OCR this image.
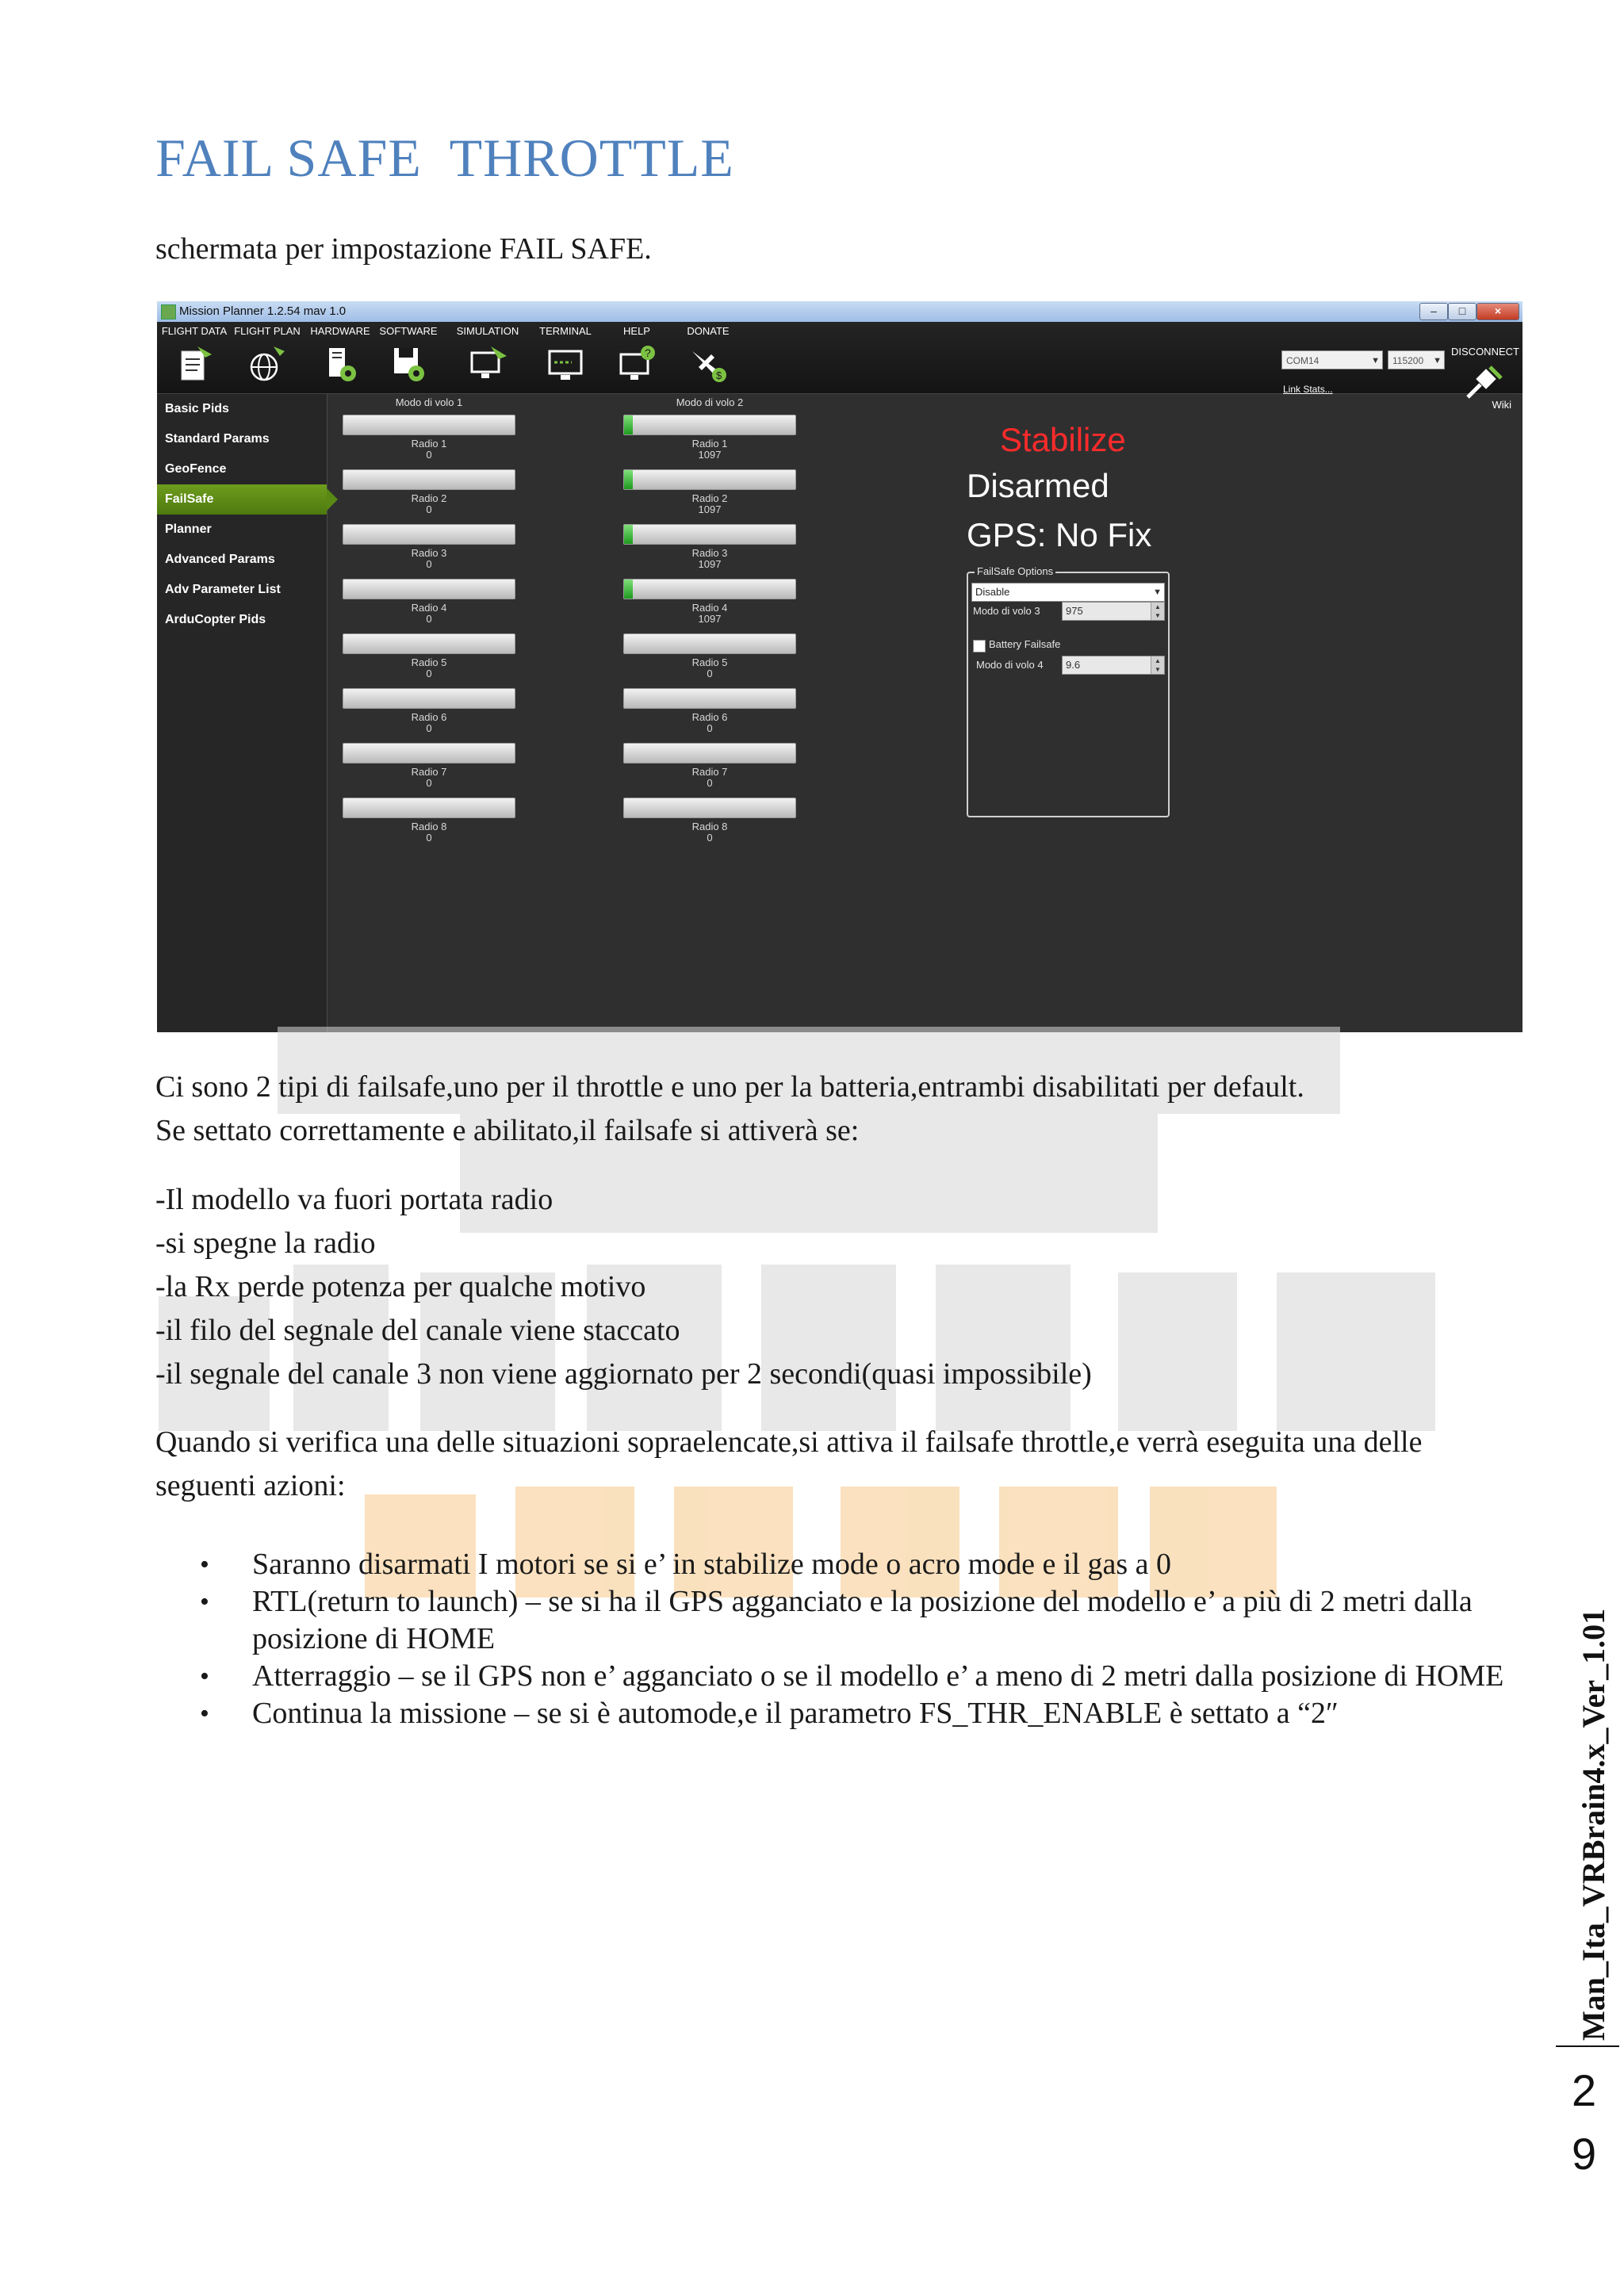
FAIL SAFE  THROTTLE
schermata per impostazione FAIL SAFE.
Mission Planner 1.2.54 mav 1.0	–	□	×
FLIGHT DATA FLIGHT PLAN HARDWARE SOFTWARE	SIMULATION	TERMINAL	HELP
?
DONATE
$
COM14	▼	115200 ▼
Link Stats...
DISCONNECT
Basic Pids
Standard Params
GeoFence
FailSafe
Planner
Advanced Params
Adv Parameter List
ArduCopter Pids
Wiki
Modo di volo 1
Radio 1
0
Radio 2
0
Radio 3
0
Radio 4
0
Radio 5
0
Radio 6
0
Radio 7
0
Radio 8
0
Modo di volo 2
Radio 1
1097
Radio 2
1097
Radio 3
1097
Radio 4
1097
Radio 5
0
Radio 6
0
Radio 7
0
Radio 8
0
Stabilize
Disarmed
GPS: No Fix
FailSafe Options
Disable	▼
Modo di volo 3	975	▲
▼
Battery Failsafe
Modo di volo 4	9.6	▲
▼

Ci sono 2 tipi di failsafe,uno per il throttle e uno per la batteria,entrambi disabilitati per default.
Se settato correttamente e abilitato,il failsafe si attiverà se:

-Il modello va fuori portata radio
-si spegne la radio
-la Rx perde potenza per qualche motivo
-il filo del segnale del canale viene staccato
-il segnale del canale 3 non viene aggiornato per 2 secondi(quasi impossibile)

Quando si verifica una delle situazioni sopraelencate,si attiva il failsafe throttle,e verrà eseguita una delle seguenti azioni:

• Saranno disarmati I motori se si e’ in stabilize mode o acro mode e il gas a 0
• RTL(return to launch) – se si ha il GPS agganciato e la posizione del modello e’ a più di 2 metri dalla posizione di HOME
• Atterraggio – se il GPS non e’ agganciato o se il modello e’ a meno di 2 metri dalla posizione di HOME
• Continua la missione – se si è automode,e il parametro FS_THR_ENABLE è settato a “2″	Man_Ita_VRBrain4.x_Ver_1.01
2
9
